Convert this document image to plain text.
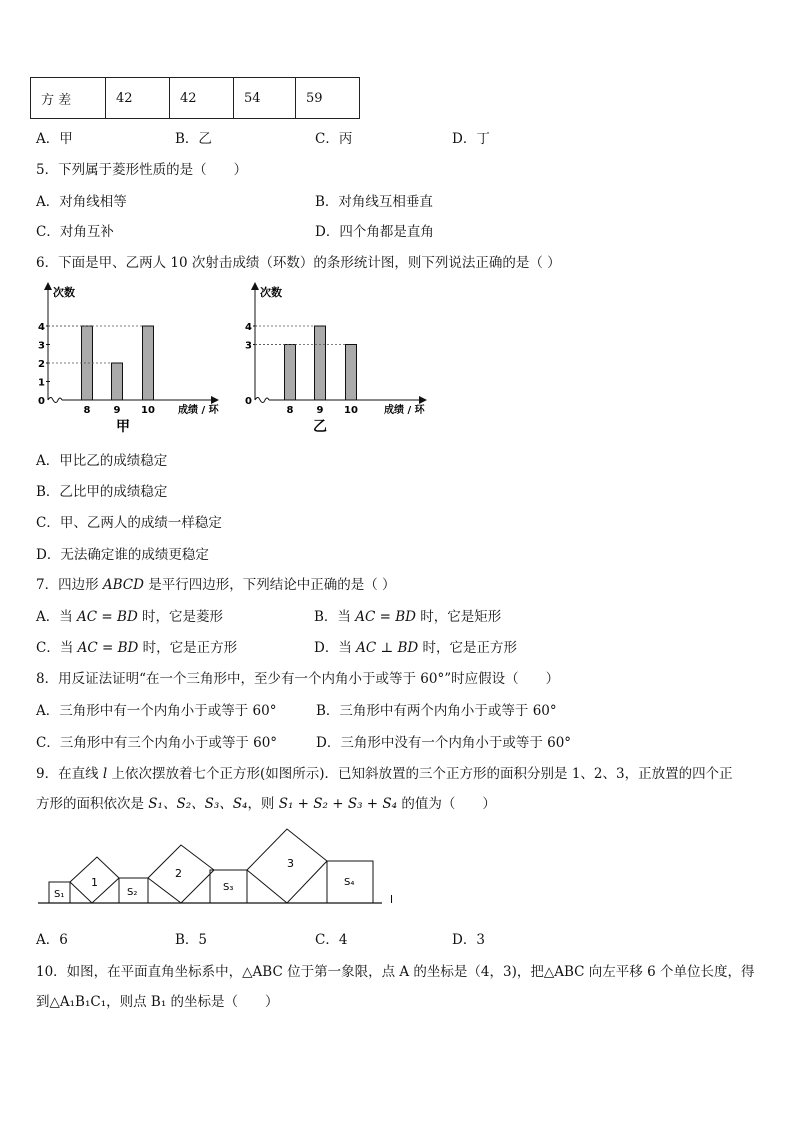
方 差	42	42	54	59
A．甲	B．乙	C．丙	D．丁
5．下列属于菱形性质的是（　　）
A．对角线相等	B．对角线互相垂直
C．对角互补	D．四个角都是直角
6．下面是甲、乙两人 10 次射击成绩（环数）的条形统计图，则下列说法正确的是（ ）
次数
0
1
2
3
4
8 9 10 成绩 / 环
甲
次数
0
3
4
8 9 10	成绩 / 环
乙
A．甲比乙的成绩稳定
B．乙比甲的成绩稳定
C．甲、乙两人的成绩一样稳定
D．无法确定谁的成绩更稳定
7．四边形 ABCD 是平行四边形，下列结论中正确的是（ ）
A．当 AC = BD 时，它是菱形	B．当 AC = BD 时，它是矩形
C．当 AC = BD 时，它是正方形	D．当 AC ⊥ BD 时，它是正方形
8．用反证法证明“在一个三角形中，至少有一个内角小于或等于 60°”时应假设（　　）
A．三角形中有一个内角小于或等于 60°	B．三角形中有两个内角小于或等于 60°
C．三角形中有三个内角小于或等于 60°	D．三角形中没有一个内角小于或等于 60°
9．在直线 l 上依次摆放着七个正方形(如图所示)．已知斜放置的三个正方形的面积分别是 1、2、3，正放置的四个正
方形的面积依次是 S₁、S₂、S₃、S₄，则 S₁ + S₂ + S₃ + S₄ 的值为（　　）
l
S₁	S₂	S₃	S₄
1
2
3
A．6	B．5	C．4	D．3
10．如图，在平面直角坐标系中，△ABC 位于第一象限，点 A 的坐标是（4，3)，把△ABC 向左平移 6 个单位长度，得
到△A₁B₁C₁，则点 B₁ 的坐标是（　　）
